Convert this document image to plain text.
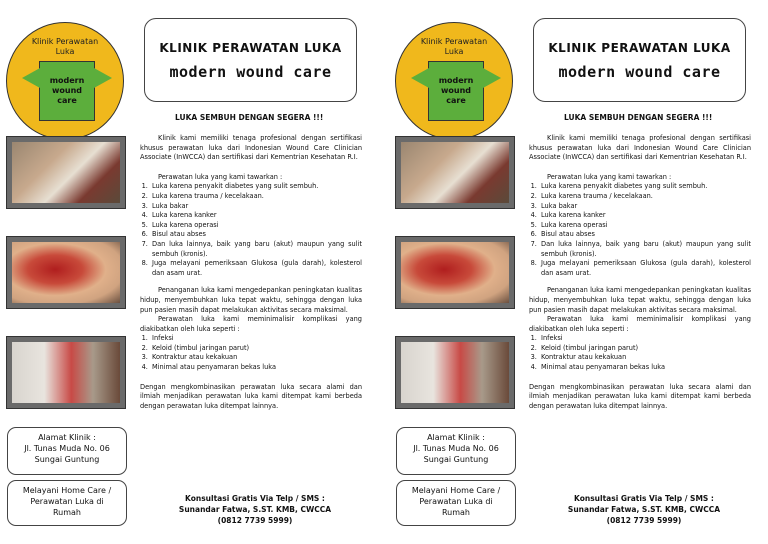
Klinik Perawatan
Luka
modern
wound
care
KLINIK PERAWATAN LUKA
modern wound care
LUKA SEMBUH DENGAN SEGERA !!!
Alamat Klinik :
Jl. Tunas Muda No. 06
Sungai Guntung
Melayani Home Care /
Perawatan Luka di
Rumah

Klinik kami memiliki tenaga profesional dengan sertifikasi khusus perawatan luka dari Indonesian Wound Care Clinician Associate (InWCCA) dan sertifikasi dari Kementrian Kesehatan R.I.

Perawatan luka yang kami tawarkan :

1. Luka karena penyakit diabetes yang sulit sembuh.
2. Luka karena trauma / kecelakaan.
3. Luka bakar
4. Luka karena kanker
5. Luka karena operasi
6. Bisul atau abses
7. Dan luka lainnya, baik yang baru (akut) maupun yang sulit sembuh (kronis).
8. Juga melayani pemeriksaan Glukosa (gula darah), kolesterol dan asam urat.

Penanganan luka kami mengedepankan peningkatan kualitas hidup, menyembuhkan luka tepat waktu, sehingga dengan luka pun pasien masih dapat melakukan aktivitas secara maksimal.

Perawatan luka kami meminimalisir komplikasi yang diakibatkan oleh luka seperti :

1. Infeksi
2. Keloid (timbul jaringan parut)
3. Kontraktur atau kekakuan
4. Minimal atau penyamaran bekas luka

Dengan mengkombinasikan perawatan luka secara alami dan ilmiah menjadikan perawatan luka kami ditempat kami berbeda dengan perawatan luka ditempat lainnya.

Konsultasi Gratis Via Telp / SMS :
Sunandar Fatwa, S.ST. KMB, CWCCA
(0812 7739 5999)
Klinik Perawatan
Luka
modern
wound
care
KLINIK PERAWATAN LUKA
modern wound care
LUKA SEMBUH DENGAN SEGERA !!!
Alamat Klinik :
Jl. Tunas Muda No. 06
Sungai Guntung
Melayani Home Care /
Perawatan Luka di
Rumah

Klinik kami memiliki tenaga profesional dengan sertifikasi khusus perawatan luka dari Indonesian Wound Care Clinician Associate (InWCCA) dan sertifikasi dari Kementrian Kesehatan R.I.

Perawatan luka yang kami tawarkan :

1. Luka karena penyakit diabetes yang sulit sembuh.
2. Luka karena trauma / kecelakaan.
3. Luka bakar
4. Luka karena kanker
5. Luka karena operasi
6. Bisul atau abses
7. Dan luka lainnya, baik yang baru (akut) maupun yang sulit sembuh (kronis).
8. Juga melayani pemeriksaan Glukosa (gula darah), kolesterol dan asam urat.

Penanganan luka kami mengedepankan peningkatan kualitas hidup, menyembuhkan luka tepat waktu, sehingga dengan luka pun pasien masih dapat melakukan aktivitas secara maksimal.

Perawatan luka kami meminimalisir komplikasi yang diakibatkan oleh luka seperti :

1. Infeksi
2. Keloid (timbul jaringan parut)
3. Kontraktur atau kekakuan
4. Minimal atau penyamaran bekas luka

Dengan mengkombinasikan perawatan luka secara alami dan ilmiah menjadikan perawatan luka kami ditempat kami berbeda dengan perawatan luka ditempat lainnya.

Konsultasi Gratis Via Telp / SMS :
Sunandar Fatwa, S.ST. KMB, CWCCA
(0812 7739 5999)
